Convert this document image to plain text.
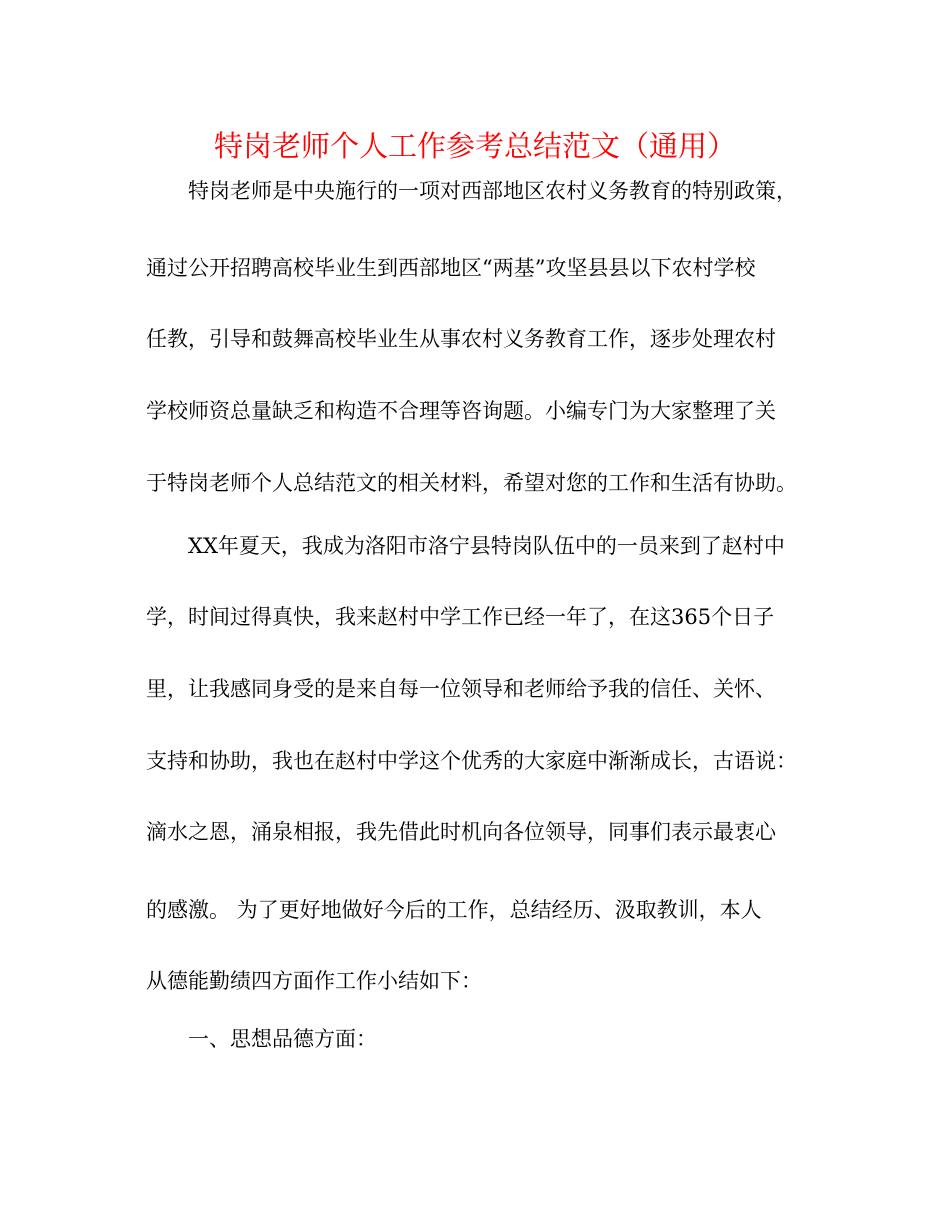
特岗老师个人工作参考总结范文（通用）
特岗老师是中央施行的一项对西部地区农村义务教育的特别政策，
通过公开招聘高校毕业生到西部地区“两基”攻坚县县以下农村学校
任教，引导和鼓舞高校毕业生从事农村义务教育工作，逐步处理农村
学校师资总量缺乏和构造不合理等咨询题。小编专门为大家整理了关
于特岗老师个人总结范文的相关材料，希望对您的工作和生活有协助。
XX年夏天，我成为洛阳市洛宁县特岗队伍中的一员来到了赵村中
学，时间过得真快，我来赵村中学工作已经一年了，在这365个日子
里，让我感同身受的是来自每一位领导和老师给予我的信任、关怀、
支持和协助，我也在赵村中学这个优秀的大家庭中渐渐成长，古语说：
滴水之恩，涌泉相报，我先借此时机向各位领导，同事们表示最衷心
的感激。 为了更好地做好今后的工作，总结经历、汲取教训，本人
从德能勤绩四方面作工作小结如下：
一、思想品德方面：
